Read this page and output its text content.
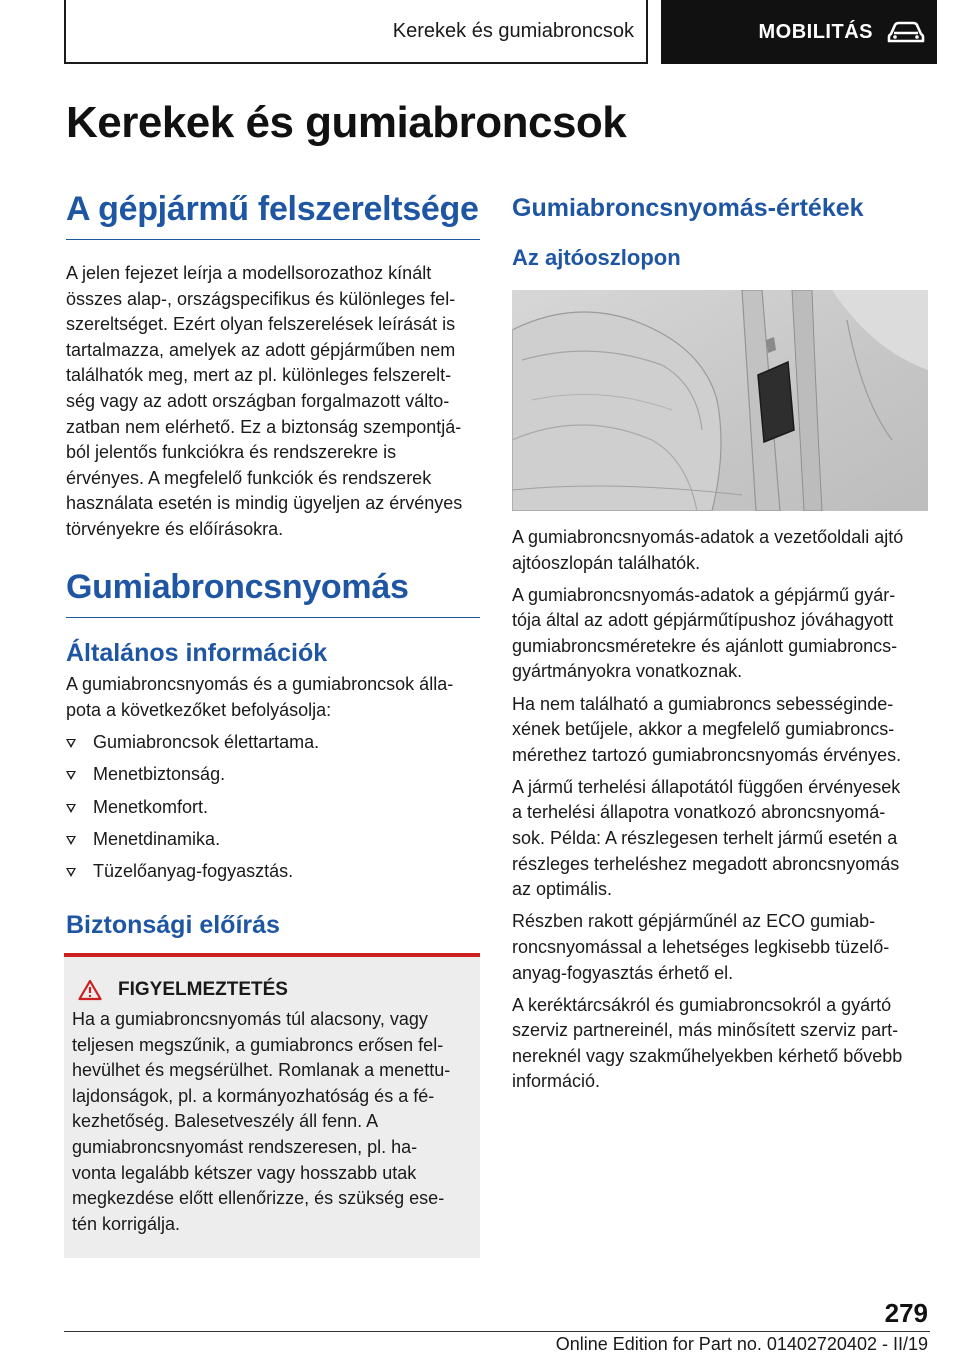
Kerekek és gumiabroncsok	MOBILITÁS
Kerekek és gumiabroncsok
A gépjármű felszereltsége

A jelen fejezet leírja a modellsorozathoz kínált
összes alap-, országspecifikus és különleges fel-
szereltséget. Ezért olyan felszerelések leírását is
tartalmazza, amelyek az adott gépjárműben nem
találhatók meg, mert az pl. különleges felszerelt-
ség vagy az adott országban forgalmazott válto-
zatban nem elérhető. Ez a biztonság szempontjá-
ból jelentős funkciókra és rendszerekre is
érvényes. A megfelelő funkciók és rendszerek
használata esetén is mindig ügyeljen az érvényes
törvényekre és előírásokra.

Gumiabroncsnyomás
Általános információk

A gumiabroncsnyomás és a gumiabroncsok álla-
pota a következőket befolyásolja:

Gumiabroncsok élettartama.
Menetbiztonság.
Menetkomfort.
Menetdinamika.
Tüzelőanyag-fogyasztás.
Biztonsági előírás
FIGYELMEZTETÉS

Ha a gumiabroncsnyomás túl alacsony, vagy
teljesen megszűnik, a gumiabroncs erősen fel-
hevülhet és megsérülhet. Romlanak a menettu-
lajdonságok, pl. a kormányozhatóság és a fé-
kezhetőség. Balesetveszély áll fenn. A
gumiabroncsnyomást rendszeresen, pl. ha-
vonta legalább kétszer vagy hosszabb utak
megkezdése előtt ellenőrizze, és szükség ese-
tén korrigálja.

Gumiabroncsnyomás-értékek
Az ajtóoszlopon

A gumiabroncsnyomás-adatok a vezetőoldali ajtó
ajtóoszlopán találhatók.

A gumiabroncsnyomás-adatok a gépjármű gyár-
tója által az adott gépjárműtípushoz jóváhagyott
gumiabroncsméretekre és ajánlott gumiabroncs-
gyártmányokra vonatkoznak.

Ha nem található a gumiabroncs sebességinde-
xének betűjele, akkor a megfelelő gumiabroncs-
mérethez tartozó gumiabroncsnyomás érvényes.

A jármű terhelési állapotától függően érvényesek
a terhelési állapotra vonatkozó abroncsnyomá-
sok. Példa: A részlegesen terhelt jármű esetén a
részleges terheléshez megadott abroncsnyomás
az optimális.

Részben rakott gépjárműnél az ECO gumiab-
roncsnyomással a lehetséges legkisebb tüzelő-
anyag-fogyasztás érhető el.

A keréktárcsákról és gumiabroncsokról a gyártó
szerviz partnereinél, más minősített szerviz part-
nereknél vagy szakműhelyekben kérhető bővebb
információ.

279
Online Edition for Part no. 01402720402 - II/19
